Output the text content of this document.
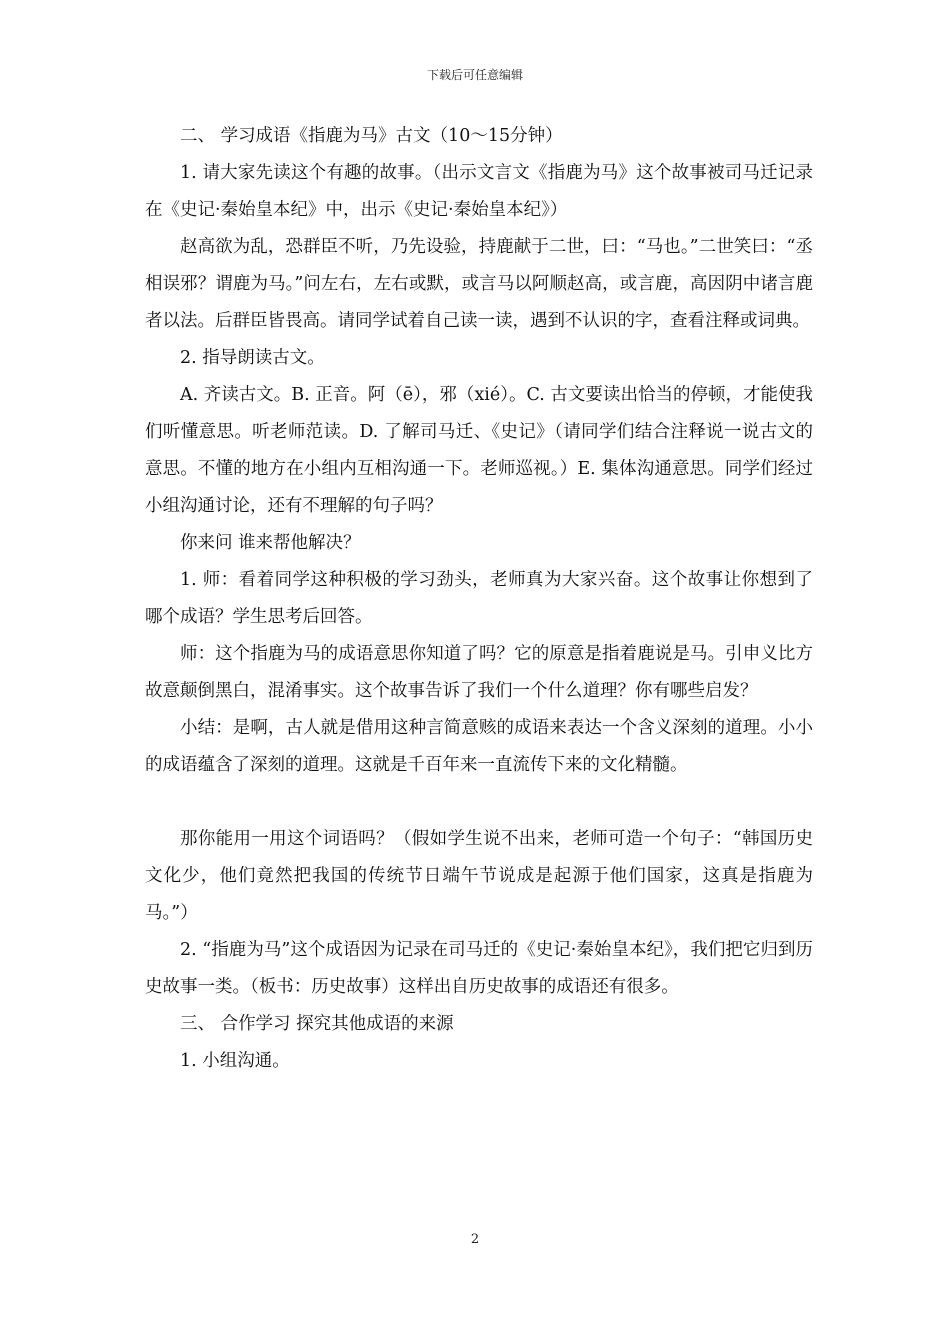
下载后可任意编辑

二、 学习成语《指鹿为马》古文（10～15分钟）

1. 请大家先读这个有趣的故事。（出示文言文《指鹿为马》这个故事被司马迁记录在《史记·秦始皇本纪》中，出示《史记·秦始皇本纪》）

赵高欲为乱，恐群臣不听，乃先设验，持鹿献于二世，曰：“马也。”二世笑曰：“丞相误邪？谓鹿为马。”问左右，左右或默，或言马以阿顺赵高，或言鹿，高因阴中诸言鹿者以法。后群臣皆畏高。请同学试着自己读一读，遇到不认识的字，查看注释或词典。

2. 指导朗读古文。

A. 齐读古文。B. 正音。阿（ē），邪（xié）。C. 古文要读出恰当的停顿，才能使我们听懂意思。听老师范读。D. 了解司马迁、《史记》（请同学们结合注释说一说古文的意思。不懂的地方在小组内互相沟通一下。老师巡视。）E. 集体沟通意思。同学们经过小组沟通讨论，还有不理解的句子吗？

你来问 谁来帮他解决？

1. 师：看着同学这种积极的学习劲头，老师真为大家兴奋。这个故事让你想到了哪个成语？学生思考后回答。

师：这个指鹿为马的成语意思你知道了吗？它的原意是指着鹿说是马。引申义比方故意颠倒黑白，混淆事实。这个故事告诉了我们一个什么道理？你有哪些启发？

小结：是啊，古人就是借用这种言简意赅的成语来表达一个含义深刻的道理。小小的成语蕴含了深刻的道理。这就是千百年来一直流传下来的文化精髓。

那你能用一用这个词语吗？（假如学生说不出来，老师可造一个句子：“韩国历史文化少，他们竟然把我国的传统节日端午节说成是起源于他们国家，这真是指鹿为马。”）

2. “指鹿为马”这个成语因为记录在司马迁的《史记·秦始皇本纪》，我们把它归到历史故事一类。（板书：历史故事）这样出自历史故事的成语还有很多。

三、 合作学习 探究其他成语的来源

1. 小组沟通。

2
